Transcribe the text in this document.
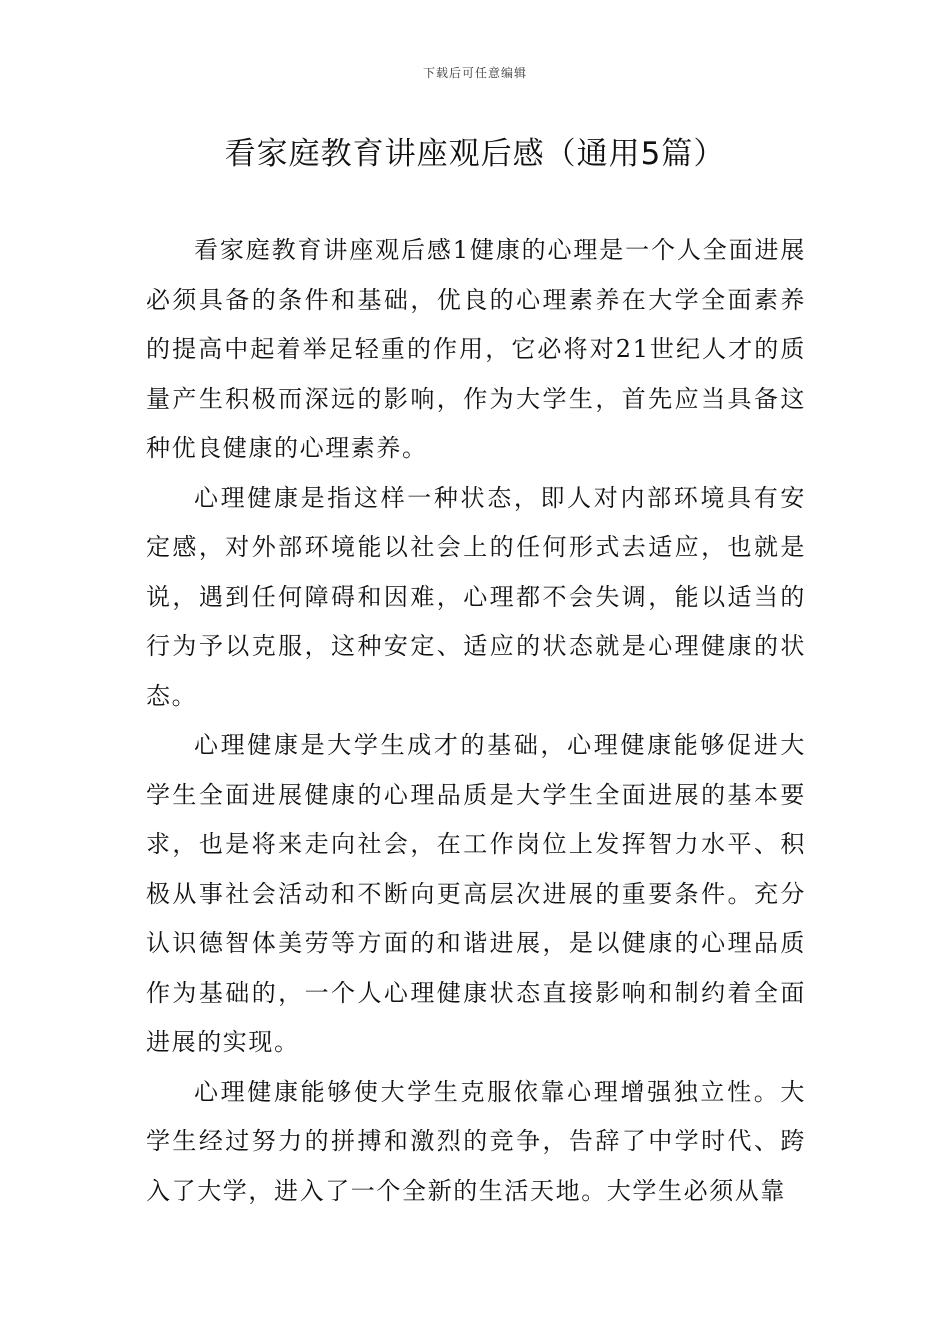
下载后可任意编辑
看家庭教育讲座观后感（通用5篇）

看家庭教育讲座观后感1健康的心理是一个人全面进展必须具备的条件和基础，优良的心理素养在大学全面素养的提高中起着举足轻重的作用，它必将对21世纪人才的质量产生积极而深远的影响，作为大学生，首先应当具备这种优良健康的心理素养。

心理健康是指这样一种状态，即人对内部环境具有安定感，对外部环境能以社会上的任何形式去适应，也就是说，遇到任何障碍和因难，心理都不会失调，能以适当的行为予以克服，这种安定、适应的状态就是心理健康的状态。

心理健康是大学生成才的基础，心理健康能够促进大学生全面进展健康的心理品质是大学生全面进展的基本要求，也是将来走向社会，在工作岗位上发挥智力水平、积极从事社会活动和不断向更高层次进展的重要条件。充分认识德智体美劳等方面的和谐进展，是以健康的心理品质作为基础的，一个人心理健康状态直接影响和制约着全面进展的实现。

心理健康能够使大学生克服依靠心理增强独立性。大学生经过努力的拼搏和激烈的竞争，告辞了中学时代、跨入了大学，进入了一个全新的生活天地。大学生必须从靠
